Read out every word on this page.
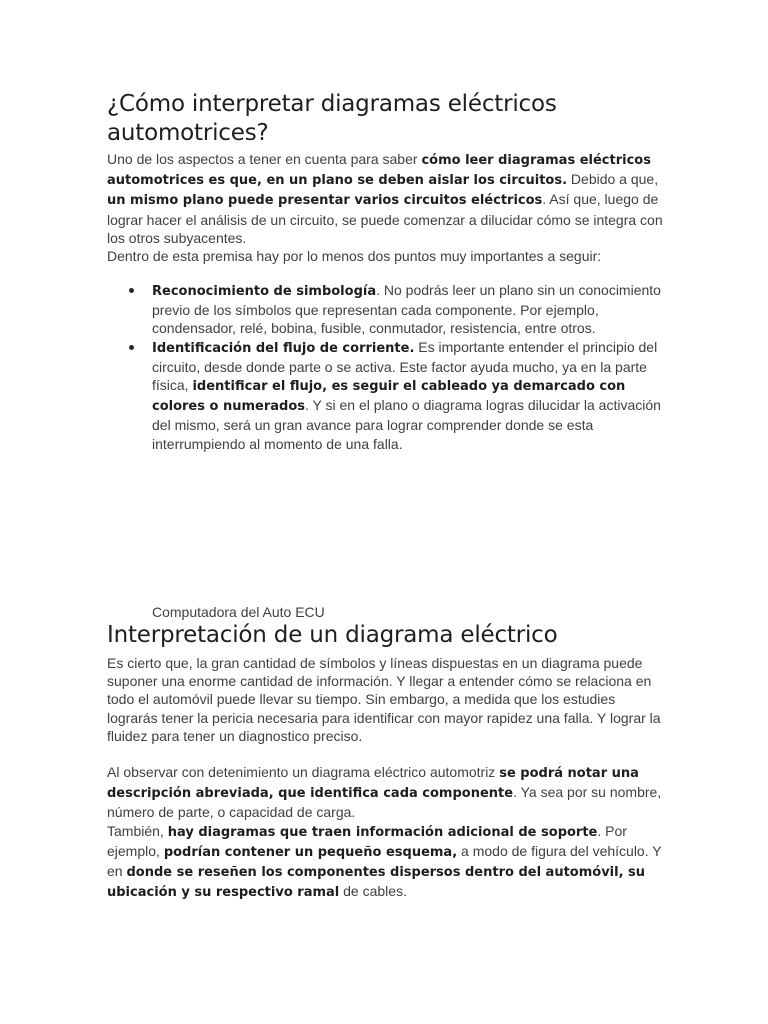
¿Cómo interpretar diagramas eléctricos automotrices?

Uno de los aspectos a tener en cuenta para saber cómo leer diagramas eléctricos automotrices es que, en un plano se deben aislar los circuitos. Debido a que, un mismo plano puede presentar varios circuitos eléctricos. Así que, luego de lograr hacer el análisis de un circuito, se puede comenzar a dilucidar cómo se integra con los otros subyacentes.
Dentro de esta premisa hay por lo menos dos puntos muy importantes a seguir:

Reconocimiento de simbología. No podrás leer un plano sin un conocimiento previo de los símbolos que representan cada componente. Por ejemplo, condensador, relé, bobina, fusible, conmutador, resistencia, entre otros.
Identificación del flujo de corriente. Es importante entender el principio del circuito, desde donde parte o se activa. Este factor ayuda mucho, ya en la parte física, identificar el flujo, es seguir el cableado ya demarcado con colores o numerados. Y si en el plano o diagrama logras dilucidar la activación del mismo, será un gran avance para lograr comprender donde se esta interrumpiendo al momento de una falla.
Computadora del Auto ECU
Interpretación de un diagrama eléctrico

Es cierto que, la gran cantidad de símbolos y líneas dispuestas en un diagrama puede suponer una enorme cantidad de información. Y llegar a entender cómo se relaciona en todo el automóvil puede llevar su tiempo. Sin embargo, a medida que los estudies lograrás tener la pericia necesaria para identificar con mayor rapidez una falla. Y lograr la fluidez para tener un diagnostico preciso.

Al observar con detenimiento un diagrama eléctrico automotriz se podrá notar una descripción abreviada, que identifica cada componente. Ya sea por su nombre, número de parte, o capacidad de carga.
También, hay diagramas que traen información adicional de soporte. Por ejemplo, podrían contener un pequeño esquema, a modo de figura del vehículo. Y en donde se reseñen los componentes dispersos dentro del automóvil, su ubicación y su respectivo ramal de cables.
